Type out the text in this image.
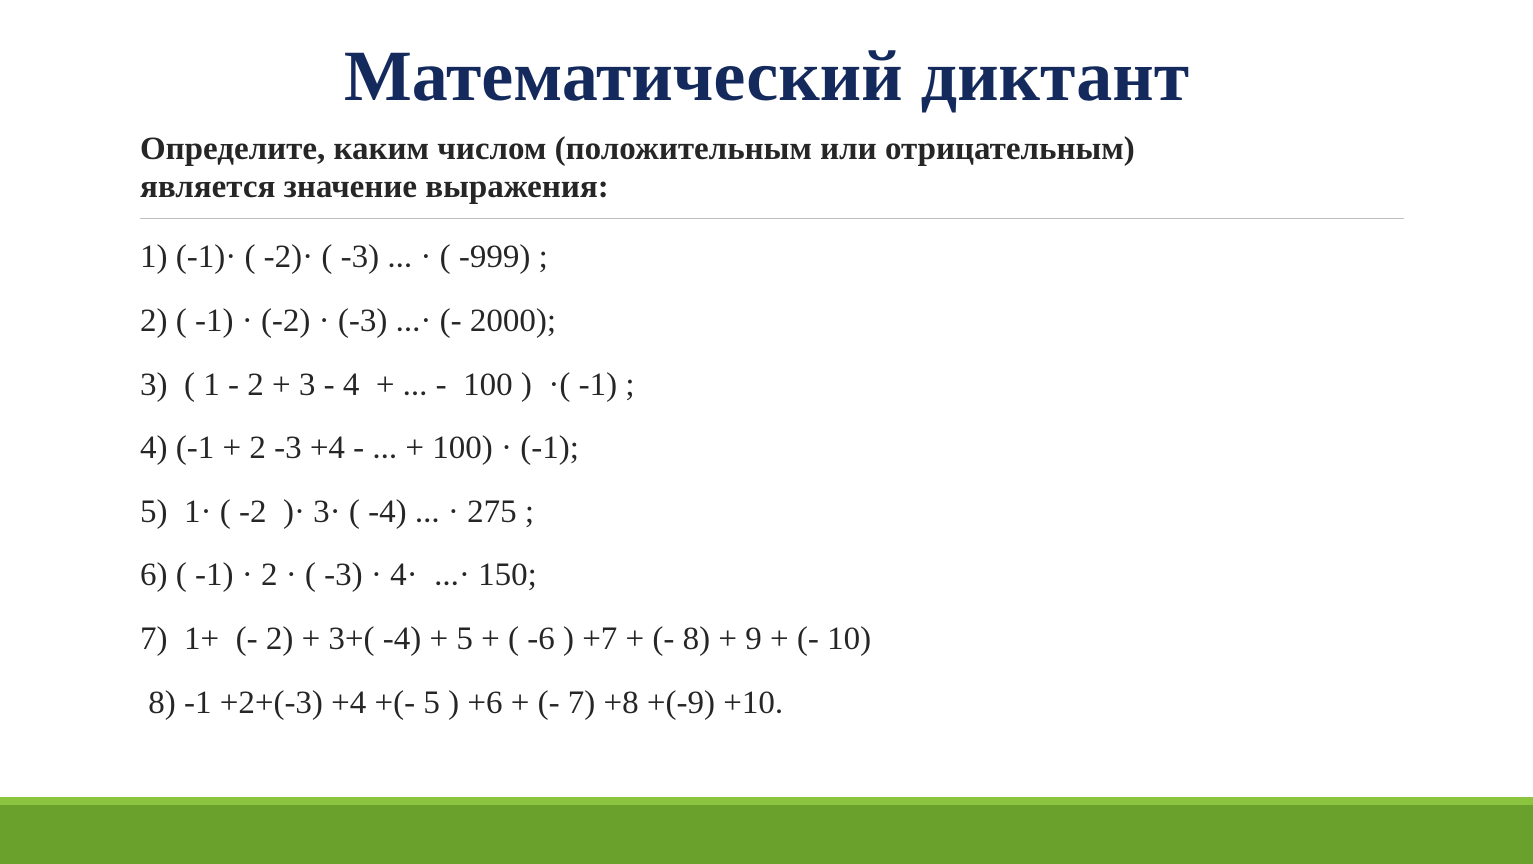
Математический диктант
Определите, каким числом (положительным или отрицательным)
является значение выражения:
1) (-1)· ( -2)· ( -3) ... · ( -999) ;
2) ( -1) · (-2) · (-3) ...· (- 2000);
3)  ( 1 - 2 + 3 - 4  + ... -  100 )  ·( -1) ;
4) (-1 + 2 -3 +4 - ... + 100) · (-1);
5)  1· ( -2  )· 3· ( -4) ... · 275 ;
6) ( -1) · 2 · ( -3) · 4·  ...· 150;
7)  1+  (- 2) + 3+( -4) + 5 + ( -6 ) +7 + (- 8) + 9 + (- 10)
8) -1 +2+(-3) +4 +(- 5 ) +6 + (- 7) +8 +(-9) +10.
